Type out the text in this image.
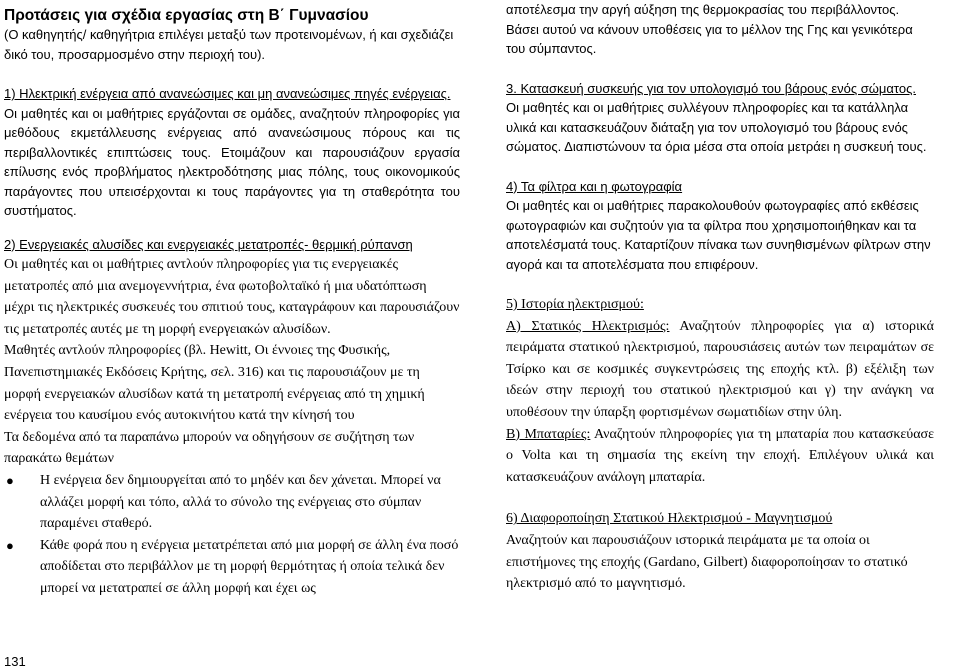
Προτάσεις για σχέδια εργασίας στη Β΄ Γυμνασίου

(Ο καθηγητής/ καθηγήτρια επιλέγει μεταξύ των προτεινομένων, ή και σχεδιάζει δικό του, προσαρμοσμένο στην περιοχή του).

1) Ηλεκτρική ενέργεια από ανανεώσιμες και μη ανανεώσιμες πηγές ενέργειας.

Οι μαθητές και οι μαθήτριες εργάζονται σε ομάδες, αναζητούν πληροφορίες για μεθόδους εκμετάλλευσης ενέργειας από ανανεώσιμους πόρους και τις περιβαλλοντικές επιπτώσεις τους. Ετοιμάζουν και παρουσιάζουν εργασία επίλυσης ενός προβλήματος ηλεκτροδότησης μιας πόλης, τους οικονομικούς παράγοντες που υπεισέρχονται κι τους παράγοντες για τη σταθερότητα του συστήματος.

2) Ενεργειακές αλυσίδες και ενεργειακές μετατροπές- θερμική ρύπανση

Οι μαθητές και οι μαθήτριες αντλούν πληροφορίες για τις ενεργειακές μετατροπές από μια ανεμογεννήτρια, ένα φωτοβολταϊκό ή μια υδατόπτωση μέχρι τις ηλεκτρικές συσκευές του σπιτιού τους, καταγράφουν και παρουσιάζουν τις μετατροπές αυτές με τη μορφή ενεργειακών αλυσίδων.

Μαθητές αντλούν πληροφορίες (βλ. Hewitt, Οι έννοιες της Φυσικής, Πανεπιστημιακές Εκδόσεις Κρήτης, σελ. 316) και τις παρουσιάζουν με τη μορφή ενεργειακών αλυσίδων κατά τη μετατροπή ενέργειας από τη χημική ενέργεια του καυσίμου ενός αυτοκινήτου κατά την κίνησή του

Τα δεδομένα από τα παραπάνω μπορούν να οδηγήσουν σε συζήτηση των παρακάτω θεμάτων

● Η ενέργεια δεν δημιουργείται από το μηδέν και δεν χάνεται. Μπορεί να αλλάζει μορφή και τόπο, αλλά το σύνολο της ενέργειας στο σύμπαν παραμένει σταθερό.
● Κάθε φορά που η ενέργεια μετατρέπεται από μια μορφή σε άλλη ένα ποσό αποδίδεται στο περιβάλλον με τη μορφή θερμότητας ή οποία τελικά δεν μπορεί να μετατραπεί σε άλλη μορφή και έχει ως

αποτέλεσμα την αργή αύξηση της θερμοκρασίας του περιβάλλοντος. Βάσει αυτού να κάνουν υποθέσεις για το μέλλον της Γης και γενικότερα του σύμπαντος.

3. Κατασκευή συσκευής για τον υπολογισμό του βάρους ενός σώματος.

Οι μαθητές και οι μαθήτριες συλλέγουν πληροφορίες και τα κατάλληλα υλικά και κατασκευάζουν διάταξη για τον υπολογισμό του βάρους ενός σώματος. Διαπιστώνουν τα όρια μέσα στα οποία μετράει η συσκευή τους.

4) Τα φίλτρα και η φωτογραφία

Οι μαθητές και οι μαθήτριες παρακολουθούν φωτογραφίες από εκθέσεις φωτογραφιών και συζητούν για τα φίλτρα που χρησιμοποιήθηκαν και τα αποτελέσματά τους. Καταρτίζουν πίνακα των συνηθισμένων φίλτρων στην αγορά και τα αποτελέσματα που επιφέρουν.

5) Ιστορία ηλεκτρισμού:

Α) Στατικός Ηλεκτρισμός: Αναζητούν πληροφορίες για α) ιστορικά πειράματα στατικού ηλεκτρισμού, παρουσιάσεις αυτών των πειραμάτων σε Τσίρκο και σε κοσμικές συγκεντρώσεις της εποχής κτλ. β) εξέλιξη των ιδεών στην περιοχή του στατικού ηλεκτρισμού και γ) την ανάγκη να υποθέσουν την ύπαρξη φορτισμένων σωματιδίων στην ύλη.

Β) Μπαταρίες: Αναζητούν πληροφορίες για τη μπαταρία που κατασκεύασε ο Volta και τη σημασία της εκείνη την εποχή. Επιλέγουν υλικά και κατασκευάζουν ανάλογη μπαταρία.

6) Διαφοροποίηση Στατικού Ηλεκτρισμού - Μαγνητισμού

Αναζητούν και παρουσιάζουν ιστορικά πειράματα με τα οποία οι επιστήμονες της εποχής (Gardano, Gilbert) διαφοροποίησαν το στατικό ηλεκτρισμό από το μαγνητισμό.

131
